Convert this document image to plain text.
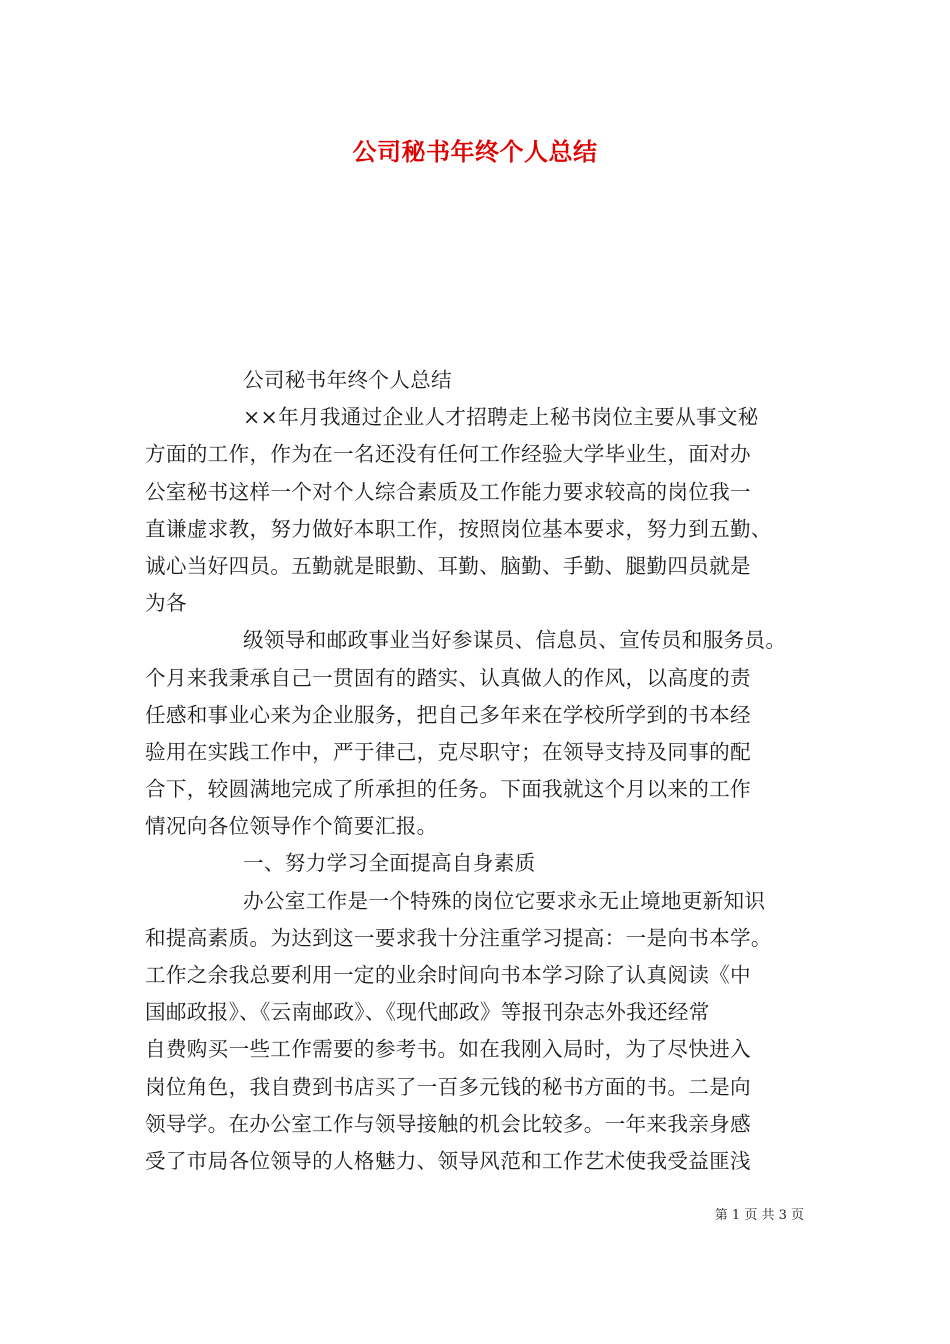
公司秘书年终个人总结
公司秘书年终个人总结
××年月我通过企业人才招聘走上秘书岗位主要从事文秘
方面的工作，作为在一名还没有任何工作经验大学毕业生，面对办
公室秘书这样一个对个人综合素质及工作能力要求较高的岗位我一
直谦虚求教，努力做好本职工作，按照岗位基本要求，努力到五勤、
诚心当好四员。五勤就是眼勤、耳勤、脑勤、手勤、腿勤四员就是
为各
级领导和邮政事业当好参谋员、信息员、宣传员和服务员。
个月来我秉承自己一贯固有的踏实、认真做人的作风，以高度的责
任感和事业心来为企业服务，把自己多年来在学校所学到的书本经
验用在实践工作中，严于律己，克尽职守；在领导支持及同事的配
合下，较圆满地完成了所承担的任务。下面我就这个月以来的工作
情况向各位领导作个简要汇报。
一、努力学习全面提高自身素质
办公室工作是一个特殊的岗位它要求永无止境地更新知识
和提高素质。为达到这一要求我十分注重学习提高：一是向书本学。
工作之余我总要利用一定的业余时间向书本学习除了认真阅读《中
国邮政报》、《云南邮政》、《现代邮政》等报刊杂志外我还经常
自费购买一些工作需要的参考书。如在我刚入局时，为了尽快进入
岗位角色，我自费到书店买了一百多元钱的秘书方面的书。二是向
领导学。在办公室工作与领导接触的机会比较多。一年来我亲身感
受了市局各位领导的人格魅力、领导风范和工作艺术使我受益匪浅
第 1 页 共 3 页
